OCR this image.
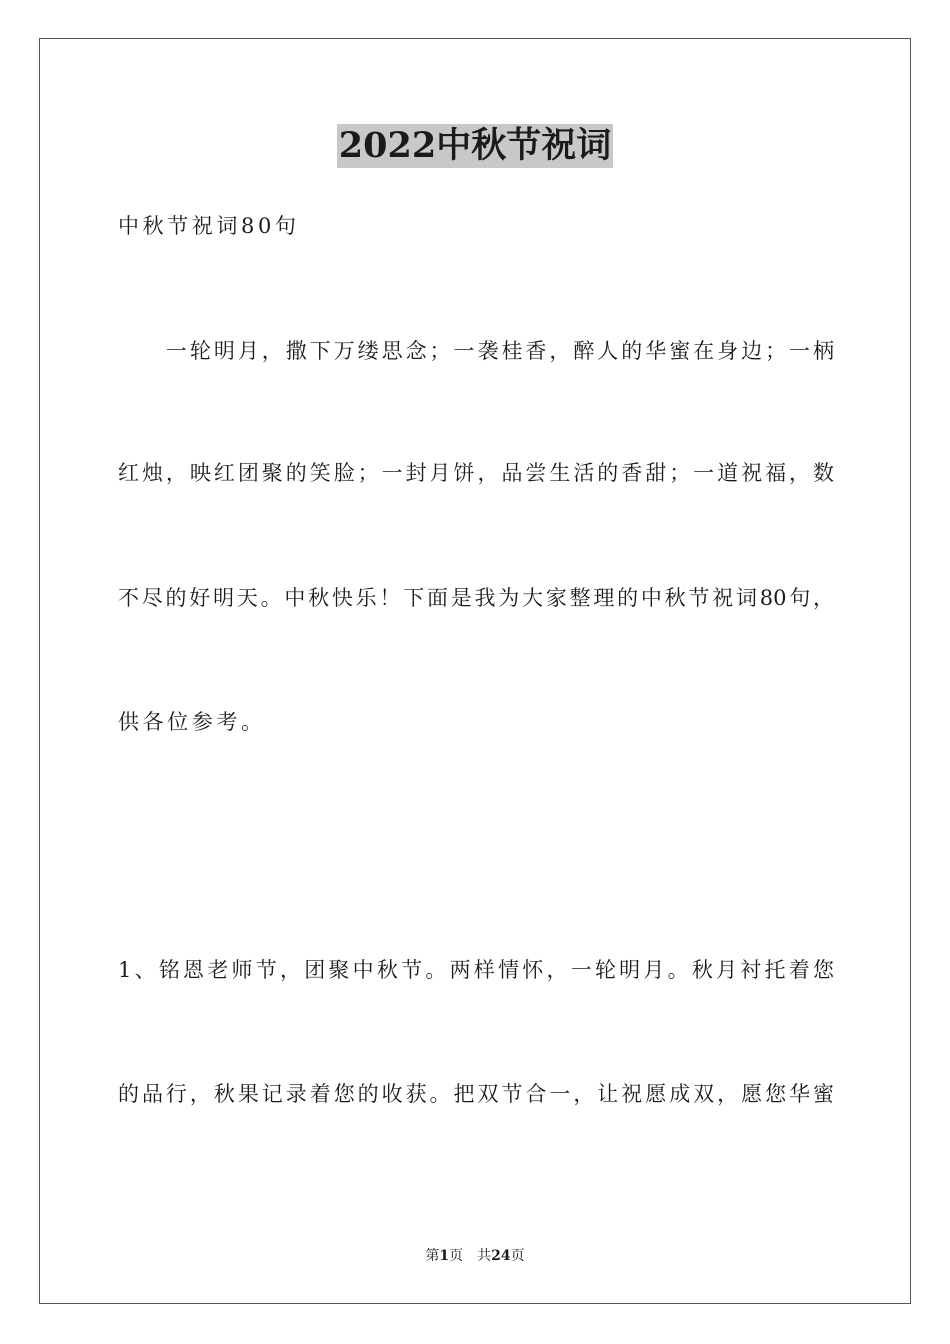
2022中秋节祝词
中秋节祝词80句
　　一轮明月，撒下万缕思念；一袭桂香，醉人的华蜜在身边；一柄
红烛，映红团聚的笑脸；一封月饼，品尝生活的香甜；一道祝福，数
不尽的好明天。中秋快乐！下面是我为大家整理的中秋节祝词80句，
供各位参考。
1、铭恩老师节，团聚中秋节。两样情怀，一轮明月。秋月衬托着您
的品行，秋果记录着您的收获。把双节合一，让祝愿成双，愿您华蜜
第1页 共24页
